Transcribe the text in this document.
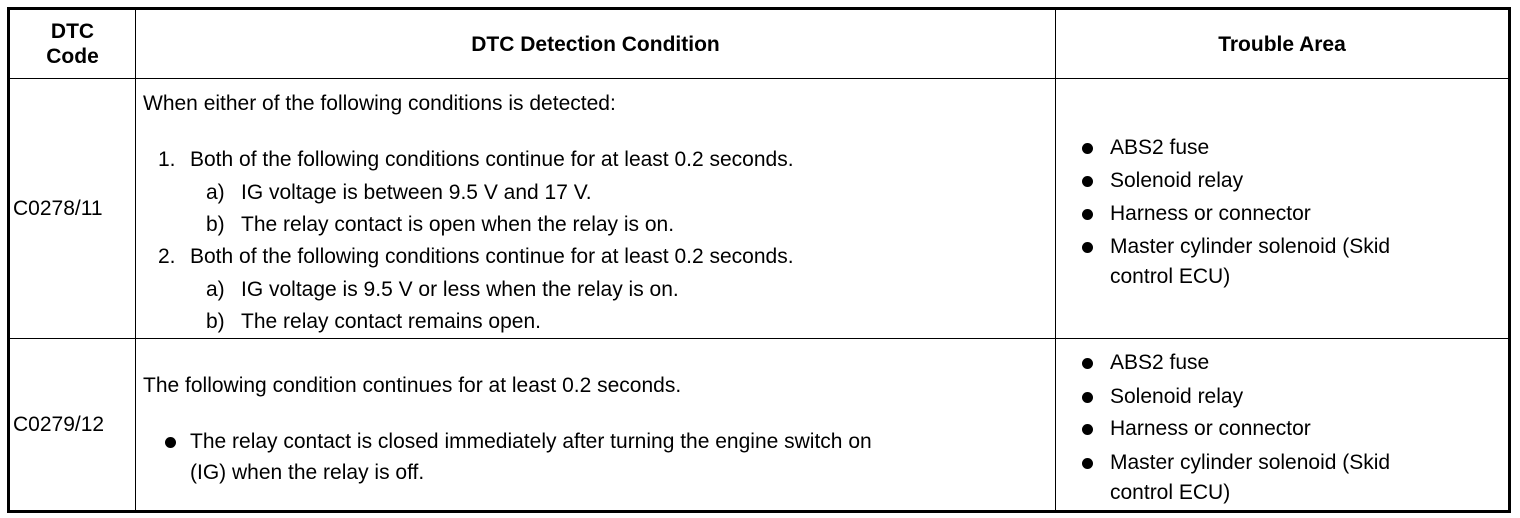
DTC
Code
DTC Detection Condition	Trouble Area
C0278/11
When either of the following conditions is detected:
1. Both of the following conditions continue for at least 0.2 seconds.
a) IG voltage is between 9.5 V and 17 V.
b) The relay contact is open when the relay is on.
2. Both of the following conditions continue for at least 0.2 seconds.
a) IG voltage is 9.5 V or less when the relay is on.
b) The relay contact remains open.
ABS2 fuse
Solenoid relay
Harness or connector
Master cylinder solenoid (Skid
control ECU)
C0279/12
The following condition continues for at least 0.2 seconds.
The relay contact is closed immediately after turning the engine switch on
(IG) when the relay is off.
ABS2 fuse
Solenoid relay
Harness or connector
Master cylinder solenoid (Skid
control ECU)
